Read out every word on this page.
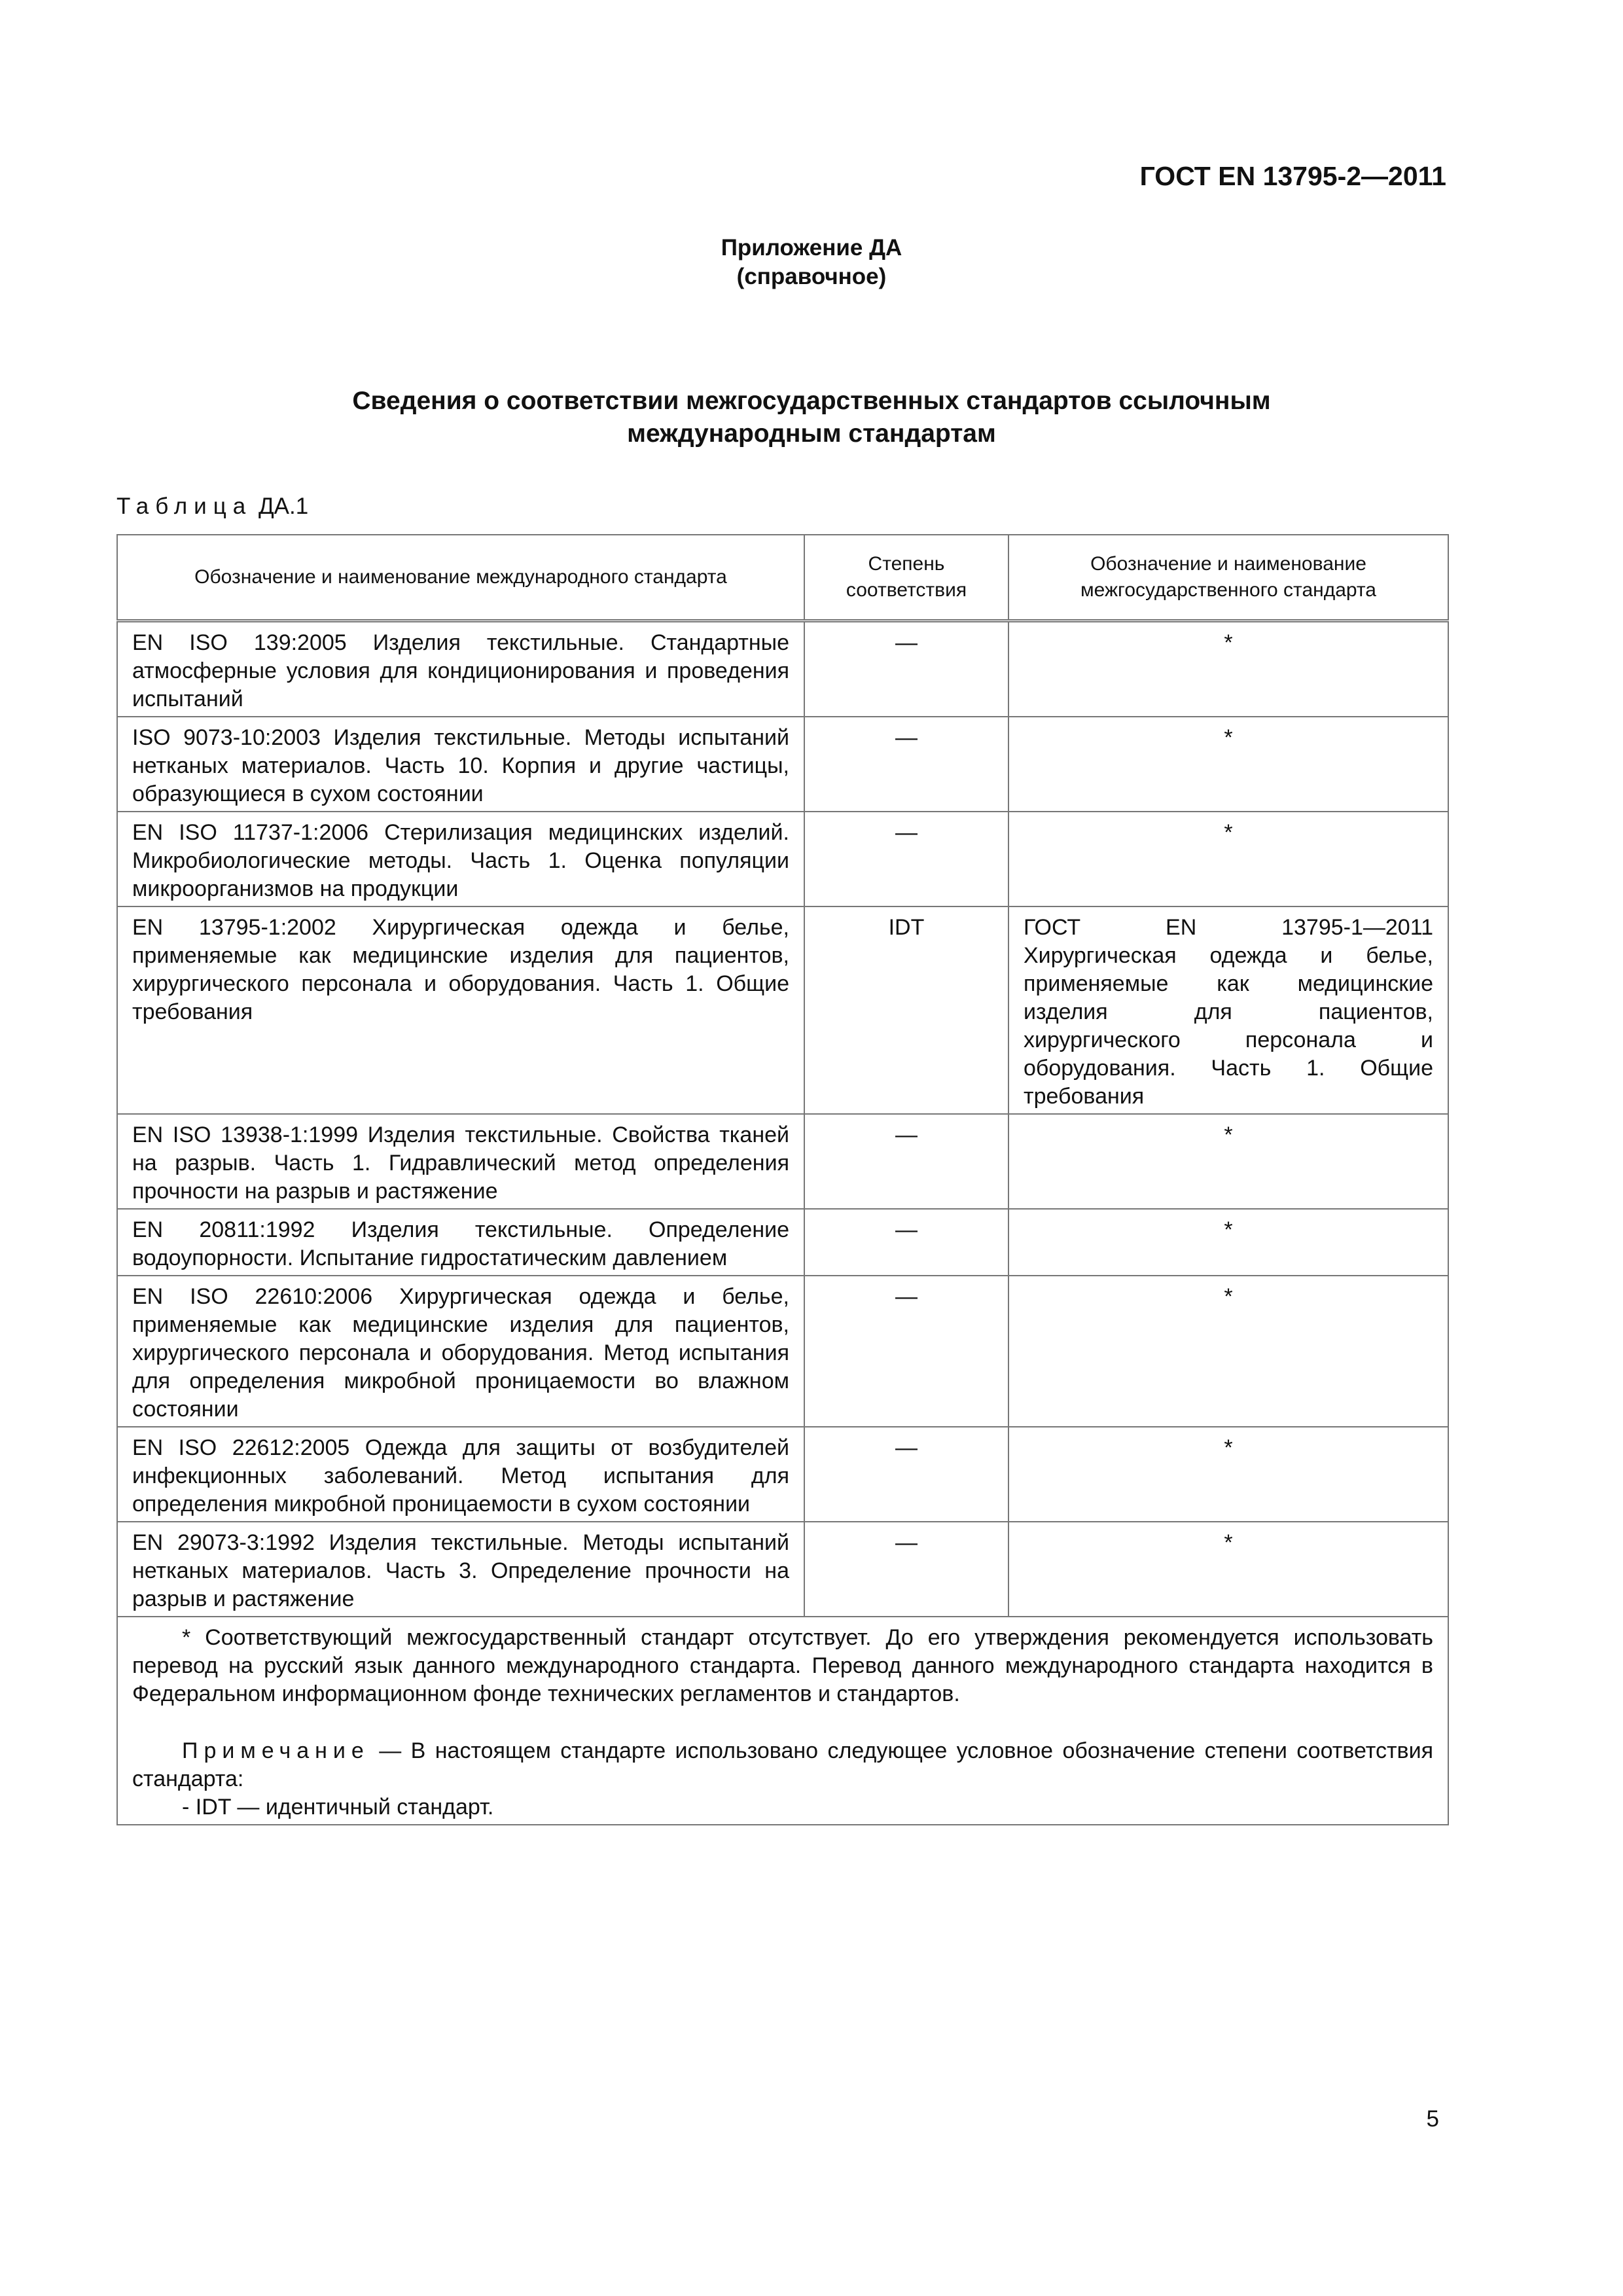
ГОСТ EN 13795-2—2011
Приложение ДА
(справочное)
Сведения о соответствии межгосударственных стандартов ссылочным
международным стандартам
Таблица ДА.1
Обозначение и наименование международного стандарта	Степень соответствия	Обозначение и наименование межгосударственного стандарта
EN ISO 139:2005 Изделия текстильные. Стандартные атмосферные условия для кондиционирования и проведения испытаний	—	*
ISO 9073-10:2003 Изделия текстильные. Методы испытаний нетканых материалов. Часть 10. Корпия и другие частицы, образующиеся в сухом состоянии	—	*
EN ISO 11737-1:2006 Стерилизация медицинских изделий. Микробиологические методы. Часть 1. Оценка популяции микроорганизмов на продукции	—	*
EN 13795-1:2002 Хирургическая одежда и белье, применяемые как медицинские изделия для пациентов, хирургического персонала и оборудования. Часть 1. Общие требования	IDT	ГОСТ EN 13795-1—2011 Хирургическая одежда и белье, применяемые как медицинские изделия для пациентов, хирургического персонала и оборудования. Часть 1. Общие требования
EN ISO 13938-1:1999 Изделия текстильные. Свойства тканей на разрыв. Часть 1. Гидравлический метод определения прочности на разрыв и растяжение	—	*
EN 20811:1992 Изделия текстильные. Определение водоупорности. Испытание гидростатическим давлением	—	*
EN ISO 22610:2006 Хирургическая одежда и белье, применяемые как медицинские изделия для пациентов, хирургического персонала и оборудования. Метод испытания для определения микробной проницаемости во влажном состоянии	—	*
EN ISO 22612:2005 Одежда для защиты от возбудителей инфекционных заболеваний. Метод испытания для определения микробной проницаемости в сухом состоянии	—	*
EN 29073-3:1992 Изделия текстильные. Методы испытаний нетканых материалов. Часть 3. Определение прочности на разрыв и растяжение	—	*

* Соответствующий межгосударственный стандарт отсутствует. До его утверждения рекомендуется использовать перевод на русский язык данного международного стандарта. Перевод данного международного стандарта находится в Федеральном информационном фонде технических регламентов и стандартов.

Примечание — В настоящем стандарте использовано следующее условное обозначение степени соответствия стандарта:

- IDT — идентичный стандарт.		

5
